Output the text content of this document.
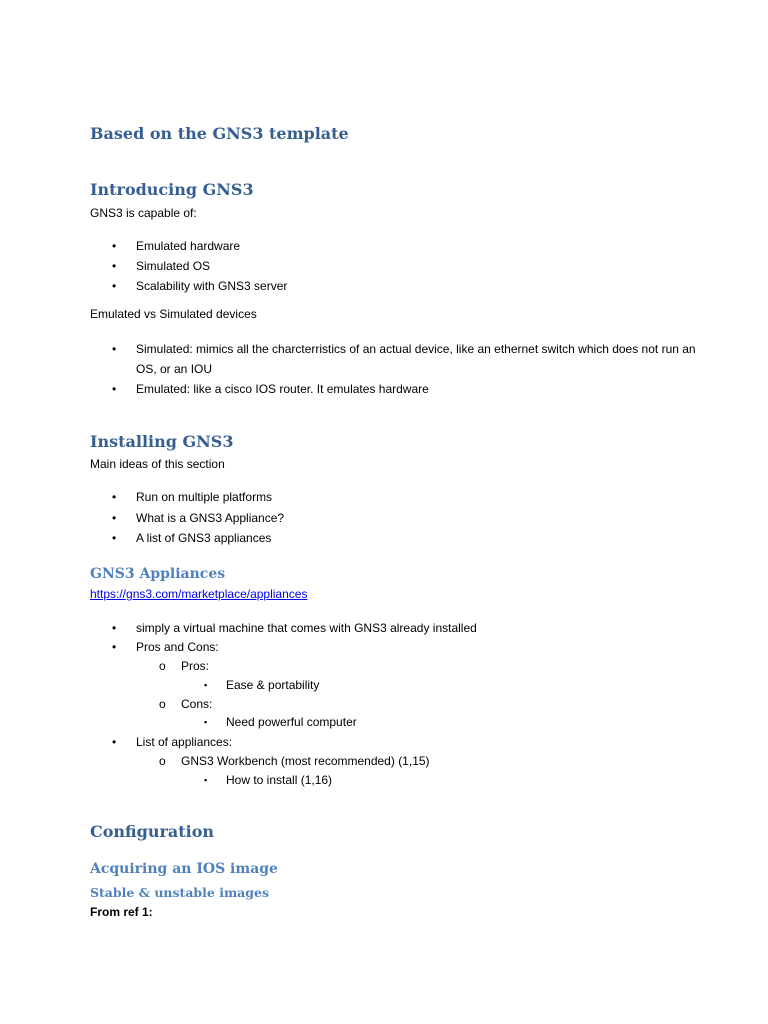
Based on the GNS3 template
Introducing GNS3

GNS3 is capable of:

• Emulated hardware
• Simulated OS
• Scalability with GNS3 server

Emulated vs Simulated devices

• Simulated: mimics all the charcterristics of an actual device, like an ethernet switch which does not run an OS, or an IOU
• Emulated: like a cisco IOS router. It emulates hardware
Installing GNS3

Main ideas of this section

• Run on multiple platforms
• What is a GNS3 Appliance?
• A list of GNS3 appliances
GNS3 Appliances
https://gns3.com/marketplace/appliances
• simply a virtual machine that comes with GNS3 already installed
• Pros and Cons:
o Pros:
▪ Ease & portability
o Cons:
▪ Need powerful computer
• List of appliances:
o GNS3 Workbench (most recommended) (1,15)
▪ How to install (1,16)
Configuration
Acquiring an IOS image
Stable & unstable images

From ref 1:
